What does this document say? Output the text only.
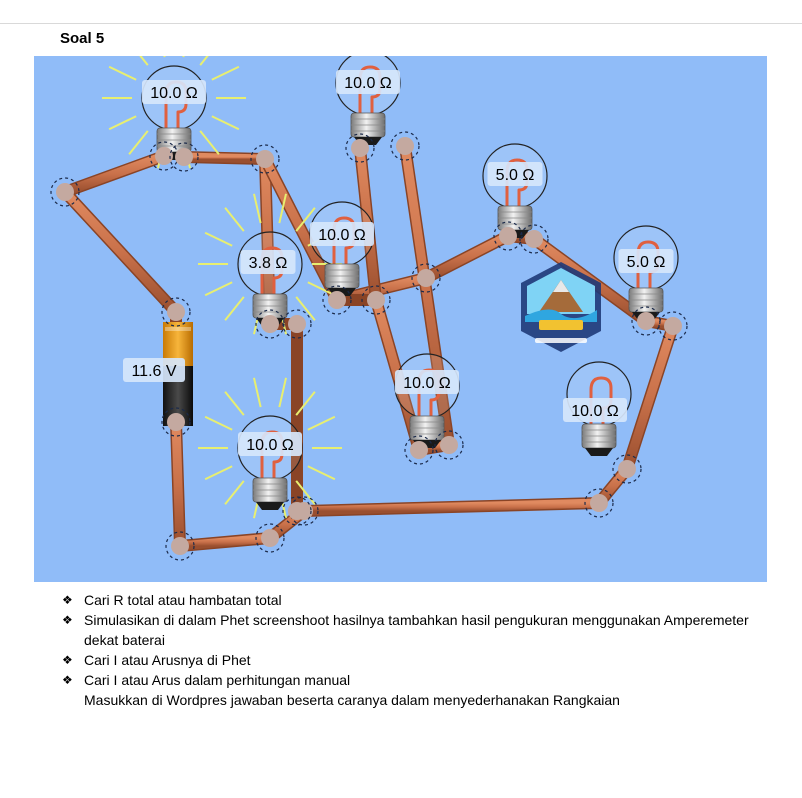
Soal 5
10.0 Ω
10.0 Ω
10.0 Ω
3.8 Ω
5.0 Ω
5.0 Ω
10.0 Ω
10.0 Ω
10.0 Ω
11.6 V
❖ Cari R total atau hambatan total
❖ Simulasikan di dalam Phet screenshoot hasilnya tambahkan hasil pengukuran menggunakan Amperemeter dekat baterai
❖ Cari I atau Arusnya di Phet
❖ Cari I atau Arus dalam perhitungan manual
Masukkan di Wordpres jawaban beserta caranya dalam menyederhanakan Rangkaian
